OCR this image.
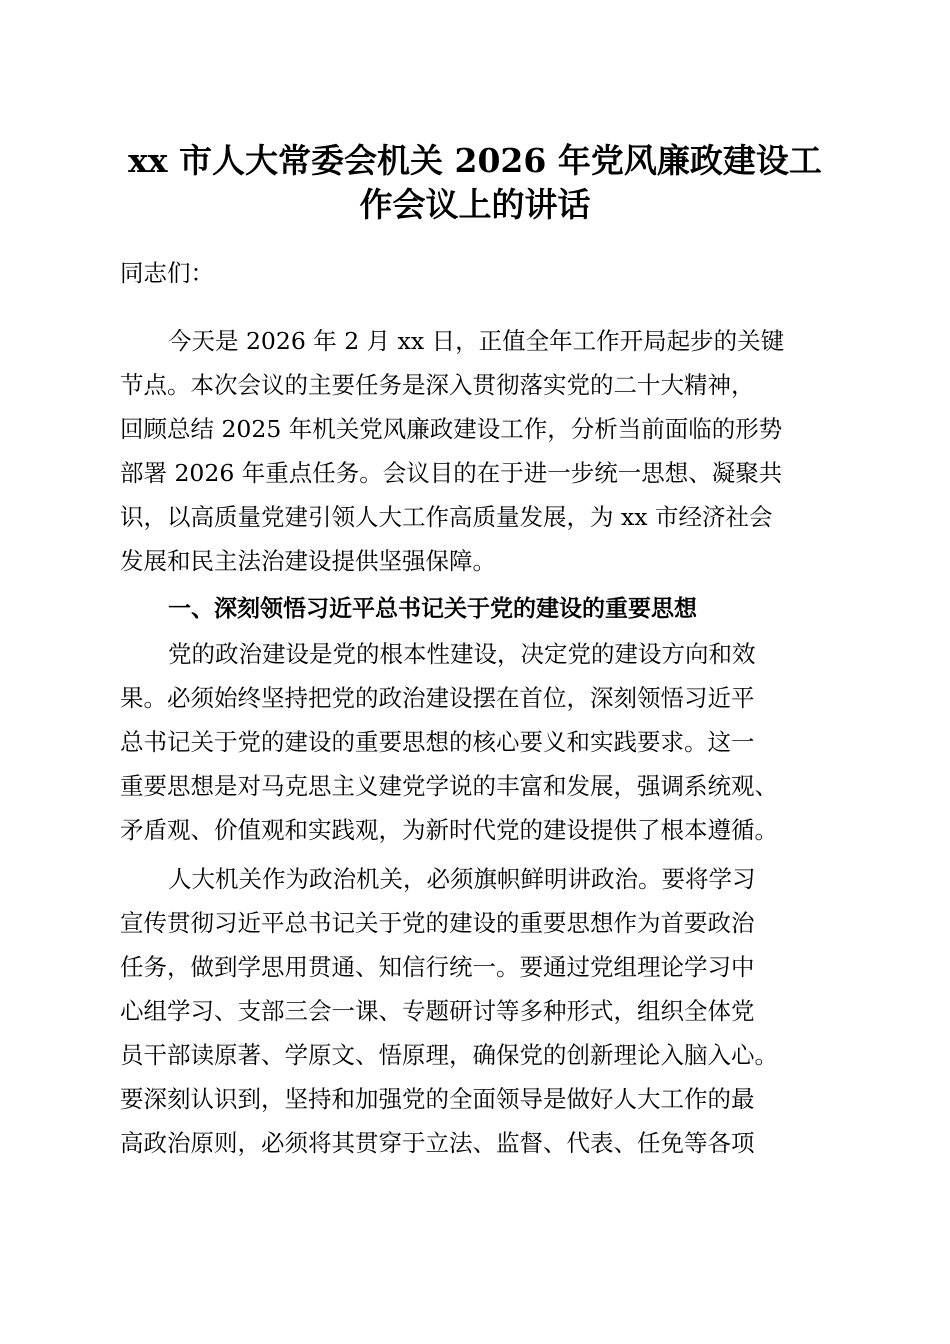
xx 市人大常委会机关 2026 年党风廉政建设工
作会议上的讲话
同志们：
今天是 2026 年 2 月 xx 日，正值全年工作开局起步的关键
节点。本次会议的主要任务是深入贯彻落实党的二十大精神，
回顾总结 2025 年机关党风廉政建设工作，分析当前面临的形势
部署 2026 年重点任务。会议目的在于进一步统一思想、凝聚共
识，以高质量党建引领人大工作高质量发展，为 xx 市经济社会
发展和民主法治建设提供坚强保障。
一、深刻领悟习近平总书记关于党的建设的重要思想
党的政治建设是党的根本性建设，决定党的建设方向和效
果。必须始终坚持把党的政治建设摆在首位，深刻领悟习近平
总书记关于党的建设的重要思想的核心要义和实践要求。这一
重要思想是对马克思主义建党学说的丰富和发展，强调系统观、
矛盾观、价值观和实践观，为新时代党的建设提供了根本遵循。
人大机关作为政治机关，必须旗帜鲜明讲政治。要将学习
宣传贯彻习近平总书记关于党的建设的重要思想作为首要政治
任务，做到学思用贯通、知信行统一。要通过党组理论学习中
心组学习、支部三会一课、专题研讨等多种形式，组织全体党
员干部读原著、学原文、悟原理，确保党的创新理论入脑入心。
要深刻认识到，坚持和加强党的全面领导是做好人大工作的最
高政治原则，必须将其贯穿于立法、监督、代表、任免等各项
